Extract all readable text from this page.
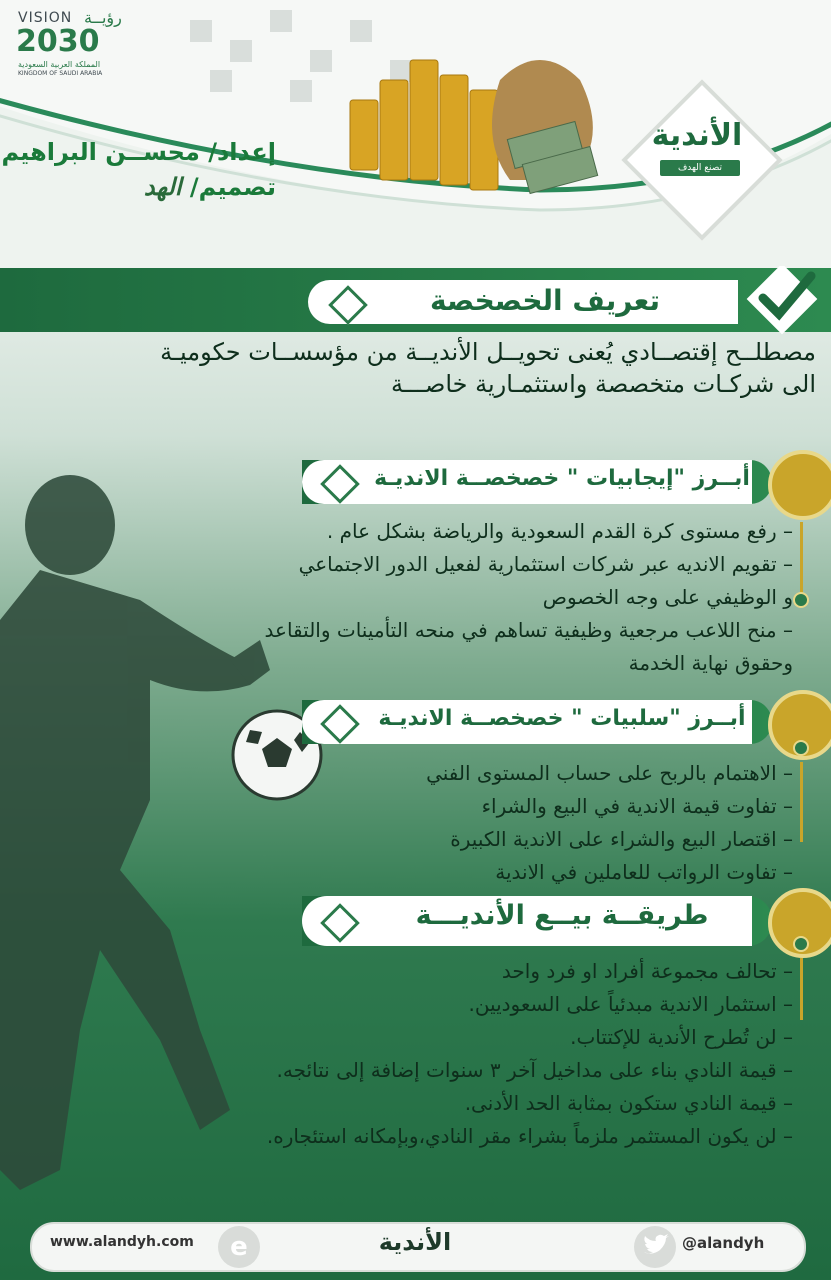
VISION رؤيــة
2030
المملكة العربية السعودية
KINGDOM OF SAUDI ARABIA
إعداد/ محســن البراهيم
تصميم/ الهد
الأندية
تصنع الهدف
تعريف الخصخصة
مصطلــح إقتصــادي يُعنى تحويــل الأنديــة من مؤسســات حكوميـة
الى شركـات متخصصة واستثمـارية خاصـــة
أبــرز "إيجابيات " خصخصــة الانديـة
– رفع مستوى كرة القدم السعودية والرياضة بشكل عام .
– تقويم الانديه عبر شركات استثمارية لفعيل الدور الاجتماعي
و الوظيفي على وجه الخصوص
– منح اللاعب مرجعية وظيفية تساهم في منحه التأمينات والتقاعد
وحقوق نهاية الخدمة
أبــرز "سلبيات " خصخصــة الانديـة
– الاهتمام بالربح على حساب المستوى الفني
– تفاوت قيمة الاندية في البيع والشراء
– اقتصار البيع والشراء على الاندية الكبيرة
– تفاوت الرواتب للعاملين في الاندية
طريقــة بيــع الأنديـــة
– تحالف مجموعة أفراد او فرد واحد
– استثمار الاندية مبدئياً على السعوديين.
– لن تُطرح الأندية للإكتتاب.
– قيمة النادي بناء على مداخيل آخر ٣ سنوات إضافة إلى نتائجه.
– قيمة النادي ستكون بمثابة الحد الأدنى.
– لن يكون المستثمر ملزماً بشراء مقر النادي،وبإمكانه استئجاره.
www.alandyh.com	e	الأندية	@alandyh
